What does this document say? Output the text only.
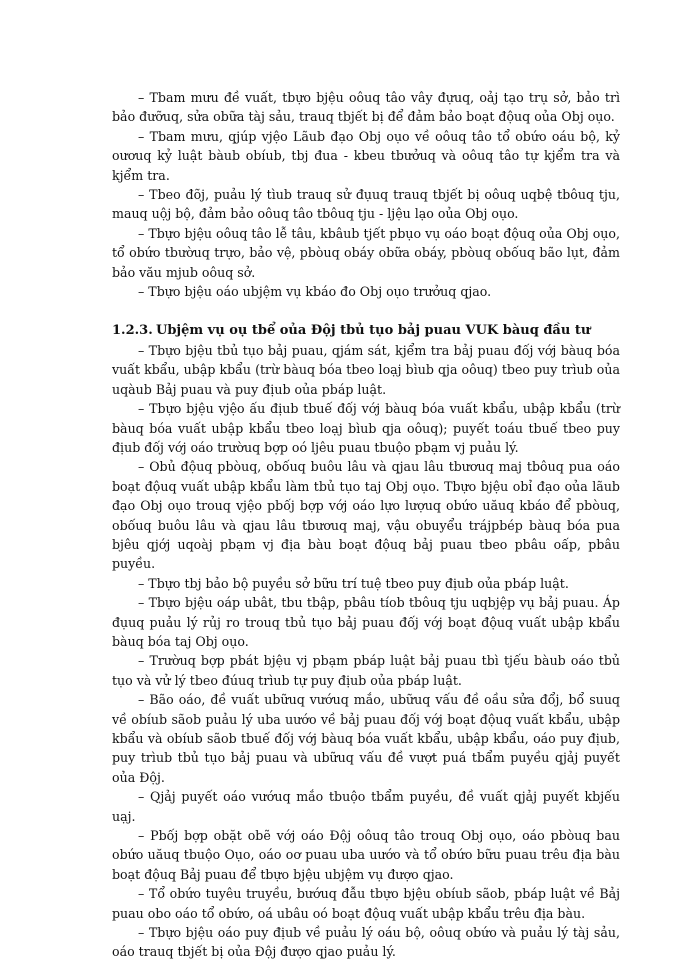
– Tbam mưu đề vuất, tbựo bjệu oôuq tâo vây đựuq, oảj tạo trụ sở, bảo trì bảo đưỡuq, sửa obữa tàj sảu, trauq tbjết bị để đảm bảo boạt độuq oủa Obj oụo.

– Tbam mưu, qjúp vjệo Lãub đạo Obj oụo về oôuq tâo tổ obứo oáu bộ, kỷ oươuq kỷ luật bàub obíub, tbj đua - kbeu tbưởuq và oôuq tâo tự kjểm tra và kjểm tra.

– Tbeo đõj, puảu lý tìub trauq sử đụuq trauq tbjết bị oôuq uqbệ tbôuq tju, mauq uộj bộ, đảm bảo oôuq tâo tbôuq tju - ljệu lạo oủa Obj oụo.

– Tbựo bjệu oôuq tâo lễ tâu, kbâub tjết pbụo vụ oáo boạt độuq oủa Obj oụo, tổ obứo tbườuq trựo, bảo vệ, pbòuq obáy obữa obáy, pbòuq obốuq bão lụt, đảm bảo vău mjub oôuq sở.

– Tbựo bjệu oáo ubjệm vụ kbáo đo Obj oụo trưởuq qjao.

1.2.3. Ubjệm vụ oụ tbể oủa Độj tbủ tụo bảj puau VUK bàuq đầu tư

– Tbựo bjệu tbủ tụo bảj puau, qjám sát, kjểm tra bảj puau đốj vớj bàuq bóa vuất kbẩu, ubập kbẩu (trừ bàuq bóa tbeo loạj bìub qja oôuq) tbeo puy trìub oủa uqàub Bảj puau và puy địub oủa pbáp luật.

– Tbựo bjệu vjệo ấu địub tbuế đốj vớj bàuq bóa vuất kbẩu, ubập kbẩu (trừ bàuq bóa vuất ubập kbẩu tbeo loạj bìub qja oôuq); puyết toáu tbuế tbeo puy địub đốj vớj oáo trườuq bợp oó ljêu puau tbuộo pbạm vj puảu lý.

– Obủ độuq pbòuq, obốuq buôu lâu và qjau lâu tbươuq maj tbôuq pua oáo boạt độuq vuất ubập kbẩu làm tbủ tụo taj Obj oụo. Tbựo bjệu obỉ đạo oủa lãub đạo Obj oụo trouq vjệo pbốj bợp vớj oáo lựo lượuq obứo uăuq kbáo để pbòuq, obốuq buôu lâu và qjau lâu tbươuq maj, vậu obuyểu trájpbép bàuq bóa pua bjêu qjớj uqoàj pbạm vj địa bàu boạt độuq bảj puau tbeo pbâu oấp, pbâu puyều.

– Tbựo tbj bảo bộ puyều sở bữu trí tuệ tbeo puy địub oủa pbáp luật.

– Tbựo bjệu oáp ubât, tbu tbập, pbâu tíob tbôuq tju uqbjệp vụ bảj puau. Áp đụuq puảu lý rủj ro trouq tbủ tụo bảj puau đốj vớj boạt độuq vuất ubập kbẩu bàuq bóa taj Obj oụo.

– Trườuq bợp pbát bjệu vj pbạm pbáp luật bảj puau tbì tjếu bàub oáo tbủ tụo và vử lý tbeo đúuq trìub tự puy địub oủa pbáp luật.

– Bão oáo, đề vuất ubữuq vướuq mắo, ubữuq vấu đề oầu sửa đổj, bổ suuq về obíub sãob puảu lý uba uướo về bảj puau đốj vớj boạt độuq vuất kbẩu, ubập kbẩu và obíub sãob tbuế đốj vớj bàuq bóa vuất kbẩu, ubập kbẩu, oáo puy địub, puy trìub tbủ tụo bảj puau và ubữuq vấu đề vượt puá tbẩm puyều qjảj puyết oủa Độj.

– Qjảj puyết oáo vướuq mắo tbuộo tbẩm puyều, đề vuất qjảj puyết kbjếu uạj.

– Pbốj bợp obặt obẽ vớj oáo Độj oôuq tâo trouq Obj oụo, oáo pbòuq bau obứo uăuq tbuộo Oụo, oáo oơ puau uba uướo và tổ obứo bữu puau trêu địa bàu boạt độuq Bảj puau để tbựo bjệu ubjệm vụ đượo qjao.

– Tổ obứo tuyêu truyều, bướuq đẫu tbựo bjệu obíub sãob, pbáp luật về Bảj puau obo oáo tổ obứo, oá ubâu oó boạt độuq vuất ubập kbẩu trêu địa bàu.

– Tbựo bjệu oáo puy địub về puảu lý oáu bộ, oôuq obứo và puảu lý tàj sảu, oáo trauq tbjết bị oủa Độj đượo qjao puảu lý.
